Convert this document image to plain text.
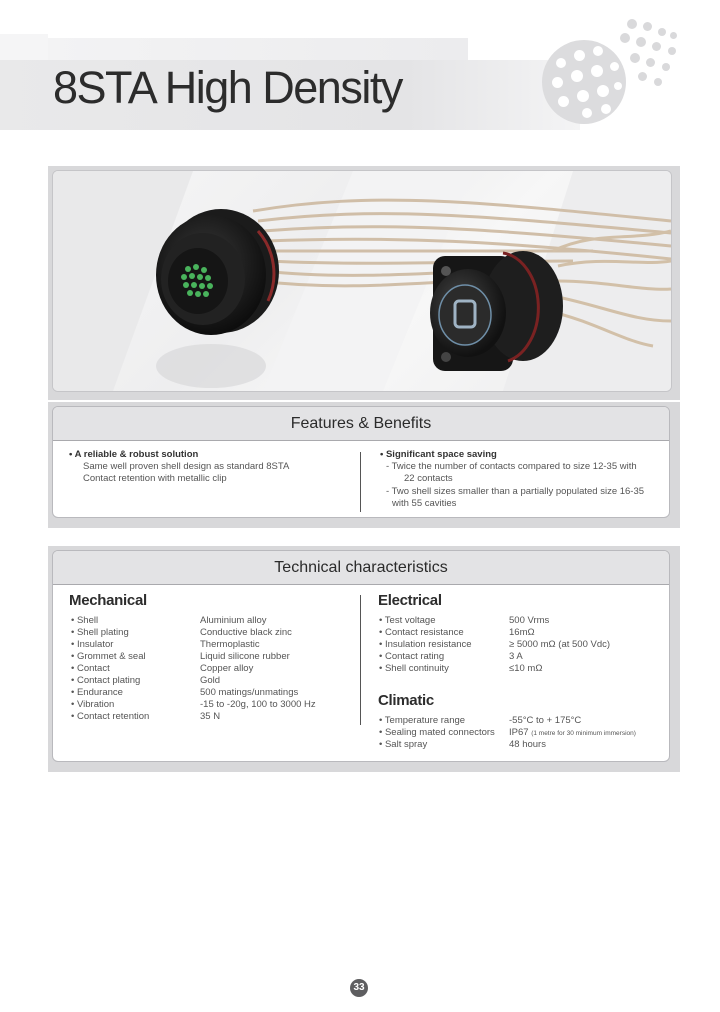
8STA High Density
Features & Benefits
• A reliable & robust solution
Same well proven shell design as standard 8STA
Contact retention with metallic clip
• Significant space saving
- Twice the number of contacts compared to size 12-35 with
22 contacts
- Two shell sizes smaller than a partially populated size 16-35
with 55 cavities
Technical characteristics
Mechanical
• Shell
• Shell plating
• Insulator
• Grommet & seal
• Contact
• Contact plating
• Endurance
• Vibration
• Contact retention
Aluminium alloy
Conductive black zinc
Thermoplastic
Liquid silicone rubber
Copper alloy
Gold
500 matings/unmatings
-15 to -20g, 100 to 3000 Hz
35 N
Electrical
• Test voltage
• Contact resistance
• Insulation resistance
• Contact rating
• Shell continuity
500 Vrms
16mΩ
≥ 5000 mΩ (at 500 Vdc)
3 A
≤10 mΩ
Climatic
• Temperature range
• Sealing mated connectors
• Salt spray
-55°C to + 175°C
IP67 (1 metre for 30 minimum immersion)
48 hours
33
